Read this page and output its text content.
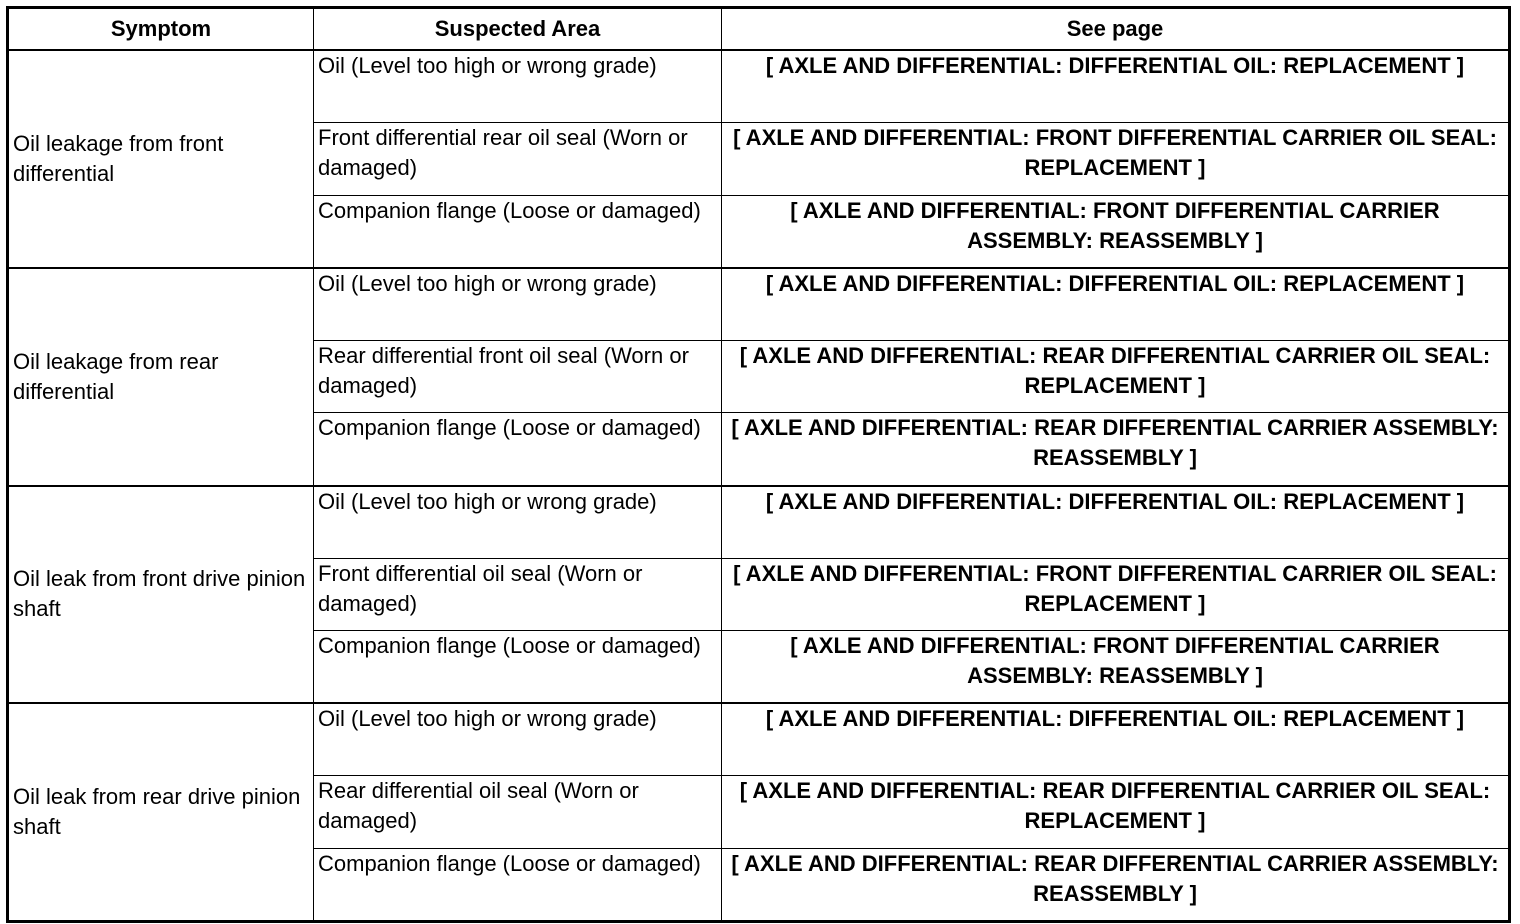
Symptom	Suspected Area	See page
Oil leakage from front differential	Oil (Level too high or wrong grade)	[ AXLE AND DIFFERENTIAL: DIFFERENTIAL OIL: REPLACEMENT ]
	Front differential rear oil seal (Worn or damaged)	[ AXLE AND DIFFERENTIAL: FRONT DIFFERENTIAL CARRIER OIL SEAL: REPLACEMENT ]
	Companion flange (Loose or damaged)	[ AXLE AND DIFFERENTIAL: FRONT DIFFERENTIAL CARRIER ASSEMBLY: REASSEMBLY ]
Oil leakage from rear differential	Oil (Level too high or wrong grade)	[ AXLE AND DIFFERENTIAL: DIFFERENTIAL OIL: REPLACEMENT ]
	Rear differential front oil seal (Worn or damaged)	[ AXLE AND DIFFERENTIAL: REAR DIFFERENTIAL CARRIER OIL SEAL: REPLACEMENT ]
	Companion flange (Loose or damaged)	[ AXLE AND DIFFERENTIAL: REAR DIFFERENTIAL CARRIER ASSEMBLY: REASSEMBLY ]
Oil leak from front drive pinion shaft	Oil (Level too high or wrong grade)	[ AXLE AND DIFFERENTIAL: DIFFERENTIAL OIL: REPLACEMENT ]
	Front differential oil seal (Worn or damaged)	[ AXLE AND DIFFERENTIAL: FRONT DIFFERENTIAL CARRIER OIL SEAL: REPLACEMENT ]
	Companion flange (Loose or damaged)	[ AXLE AND DIFFERENTIAL: FRONT DIFFERENTIAL CARRIER ASSEMBLY: REASSEMBLY ]
Oil leak from rear drive pinion shaft	Oil (Level too high or wrong grade)	[ AXLE AND DIFFERENTIAL: DIFFERENTIAL OIL: REPLACEMENT ]
	Rear differential oil seal (Worn or damaged)	[ AXLE AND DIFFERENTIAL: REAR DIFFERENTIAL CARRIER OIL SEAL: REPLACEMENT ]
	Companion flange (Loose or damaged)	[ AXLE AND DIFFERENTIAL: REAR DIFFERENTIAL CARRIER ASSEMBLY: REASSEMBLY ]
